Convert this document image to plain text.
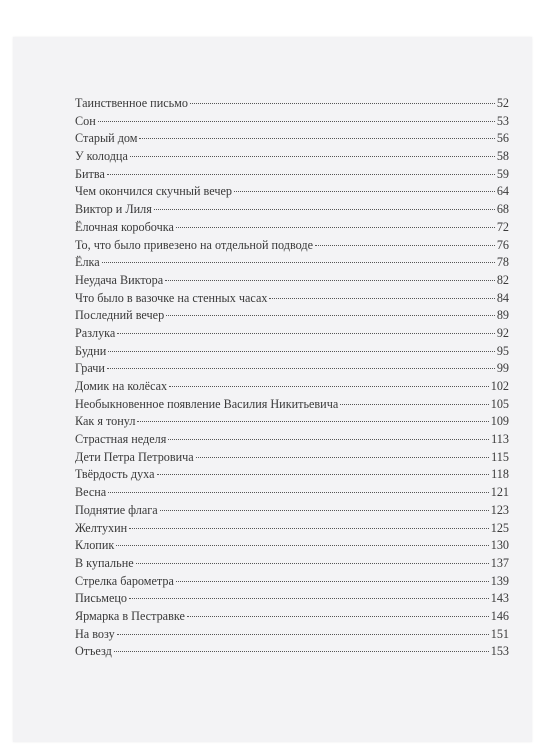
Таинственное письмо	52
Сон	53
Старый дом	56
У колодца	58
Битва	59
Чем окончился скучный вечер	64
Виктор и Лиля	68
Ёлочная коробочка	72
То, что было привезено на отдельной подводе	76
Ёлка	78
Неудача Виктора	82
Что было в вазочке на стенных часах	84
Последний вечер	89
Разлука	92
Будни	95
Грачи	99
Домик на колёсах	102
Необыкновенное появление Василия Никитьевича	105
Как я тонул	109
Страстная неделя	113
Дети Петра Петровича	115
Твёрдость духа	118
Весна	121
Поднятие флага	123
Желтухин	125
Клопик	130
В купальне	137
Стрелка барометра	139
Письмецо	143
Ярмарка в Пестравке	146
На возу	151
Отъезд	153
